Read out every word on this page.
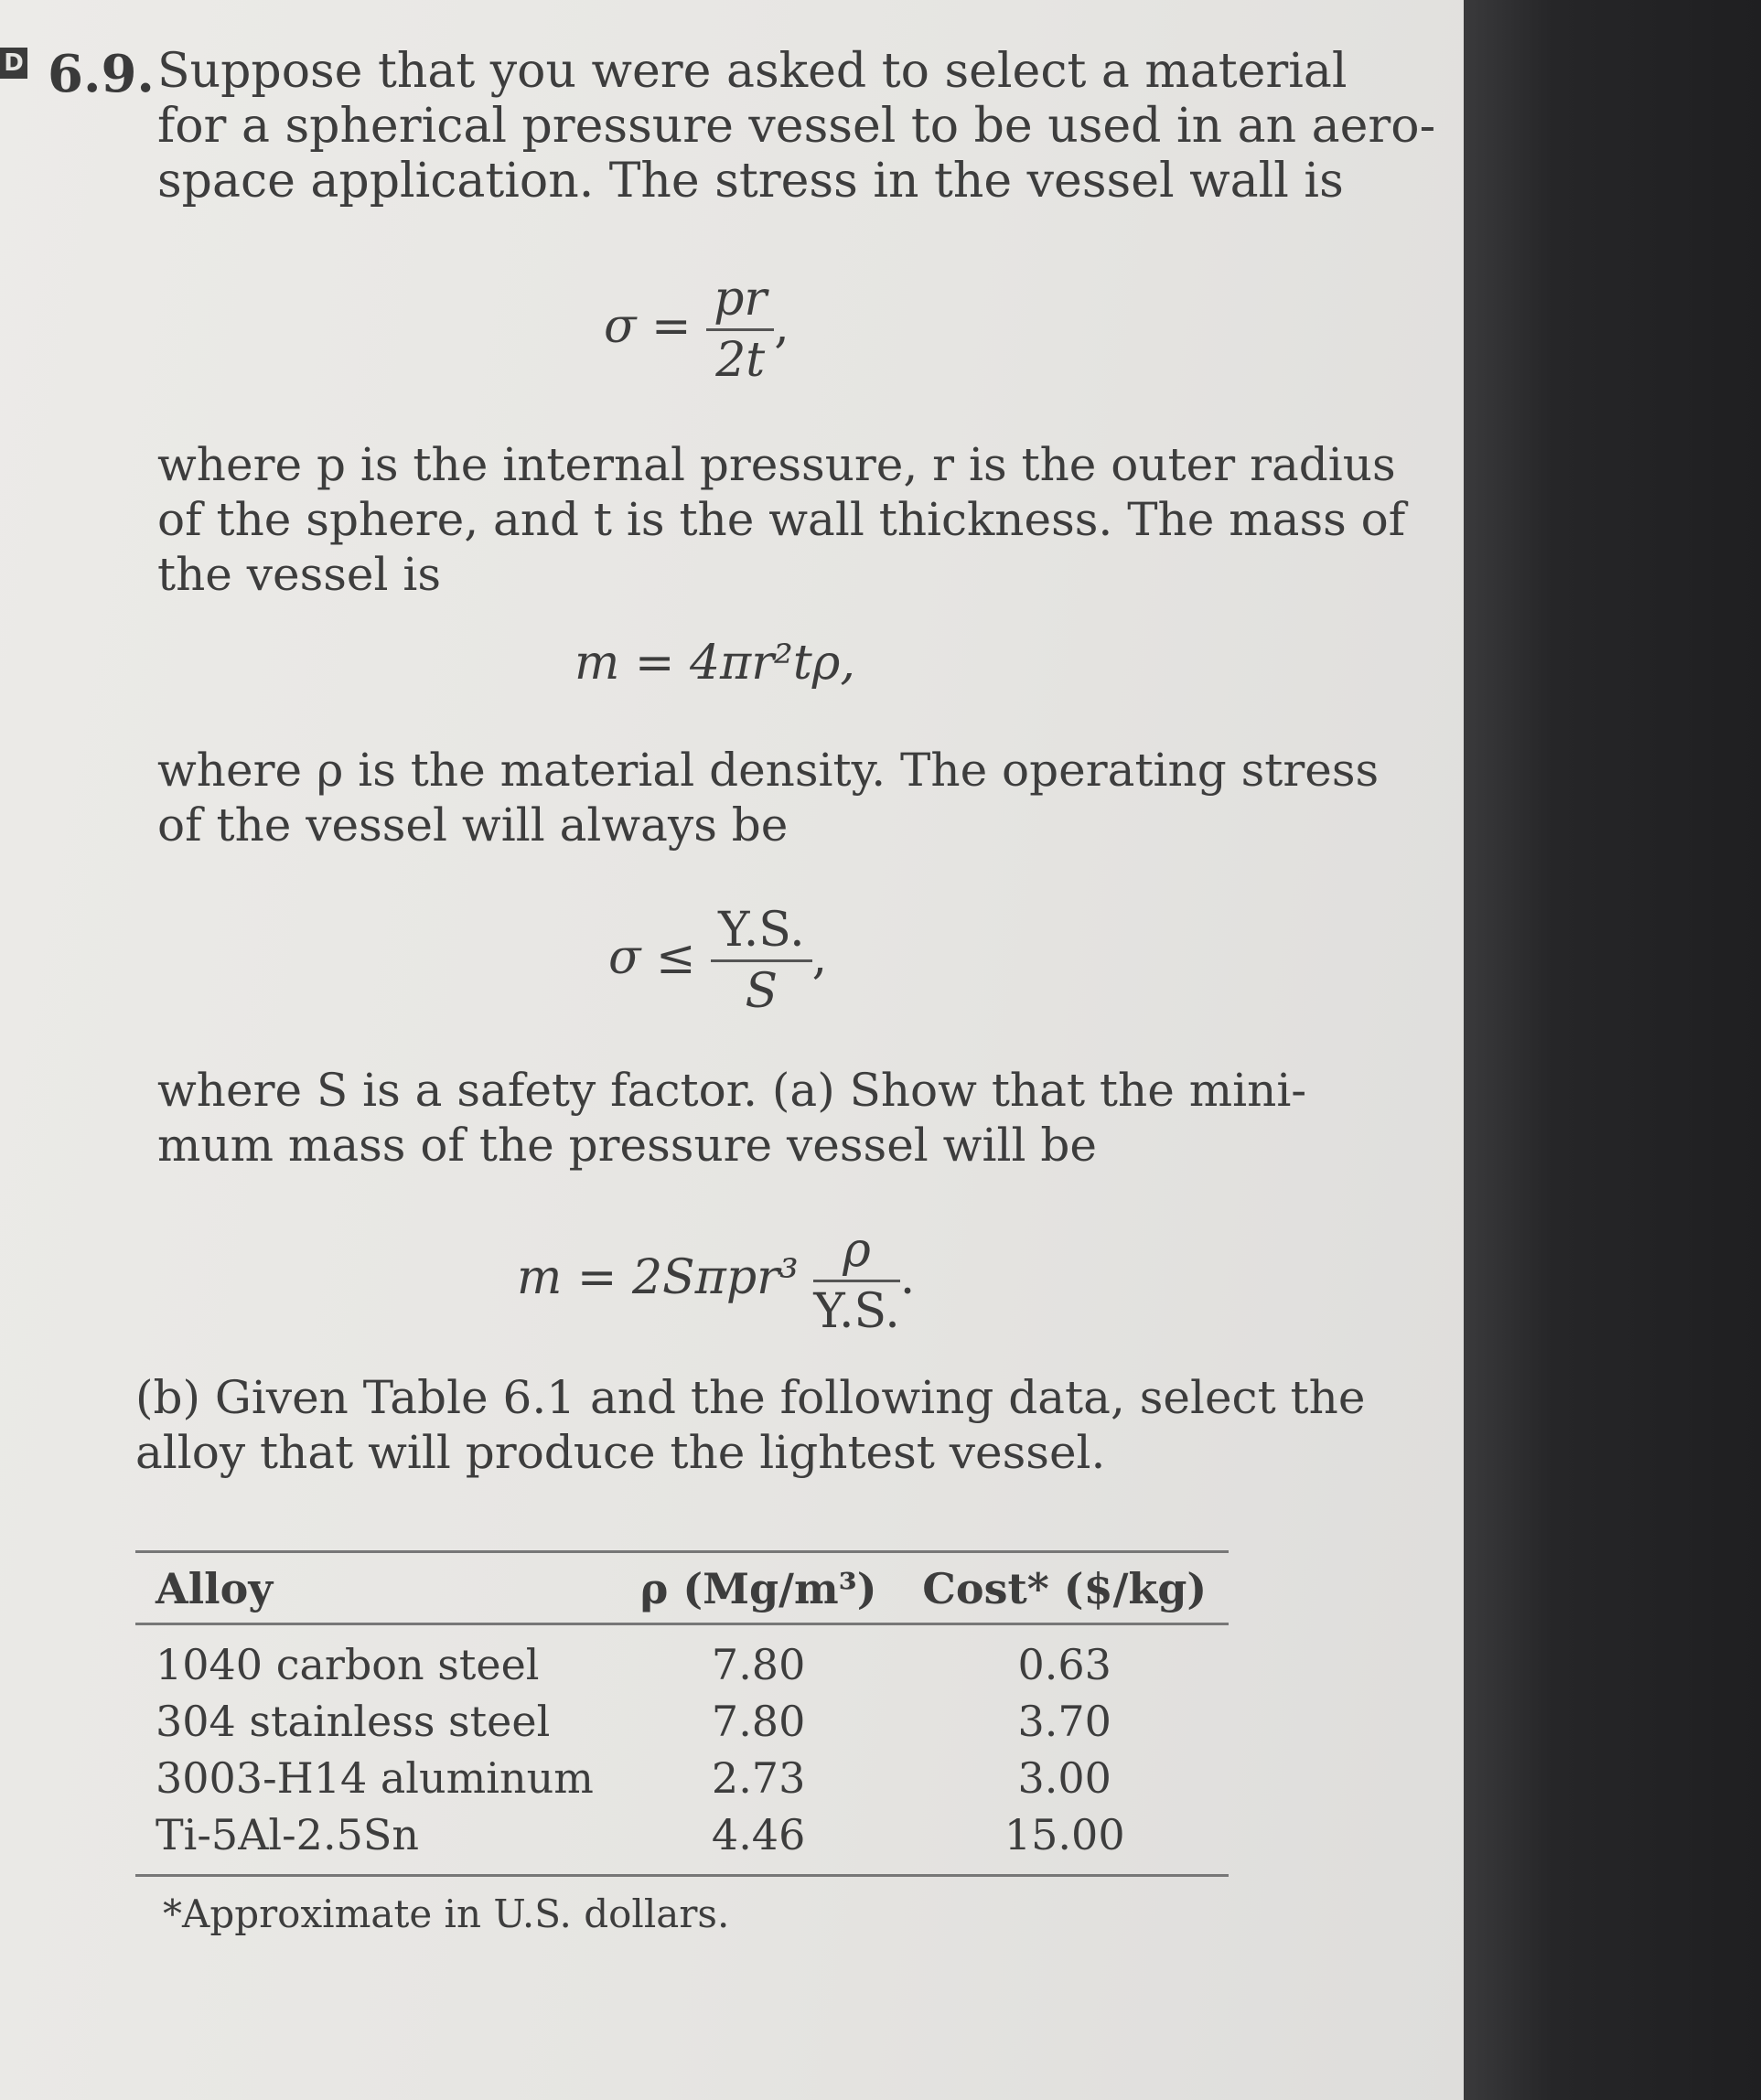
D 6.9. Suppose that you were asked to select a material
for a spherical pressure vessel to be used in an aero-
space application. The stress in the vessel wall is
$\sigma = \frac{pr}{2t}$ ,
where p is the internal pressure, r is the outer radius
of the sphere, and t is the wall thickness. The mass of
the vessel is
m = 4πr²tρ,
where ρ is the material density. The operating stress
of the vessel will always be
$\sigma \le \frac{Y.S.}{S}$ ,
where S is a safety factor. (a) Show that the mini-
mum mass of the pressure vessel will be
$m = 2S\pi pr^3 \frac{\rho}{Y.S.}$ .
(b) Given Table 6.1 and the following data, select the
alloy that will produce the lightest vessel.
Alloy	ρ (Mg/m³)	Cost* ($/kg)
1040 carbon steel	7.80	0.63
304 stainless steel	7.80	3.70
3003-H14 aluminum	2.73	3.00
Ti-5Al-2.5Sn	4.46	15.00
*Approximate in U.S. dollars.
